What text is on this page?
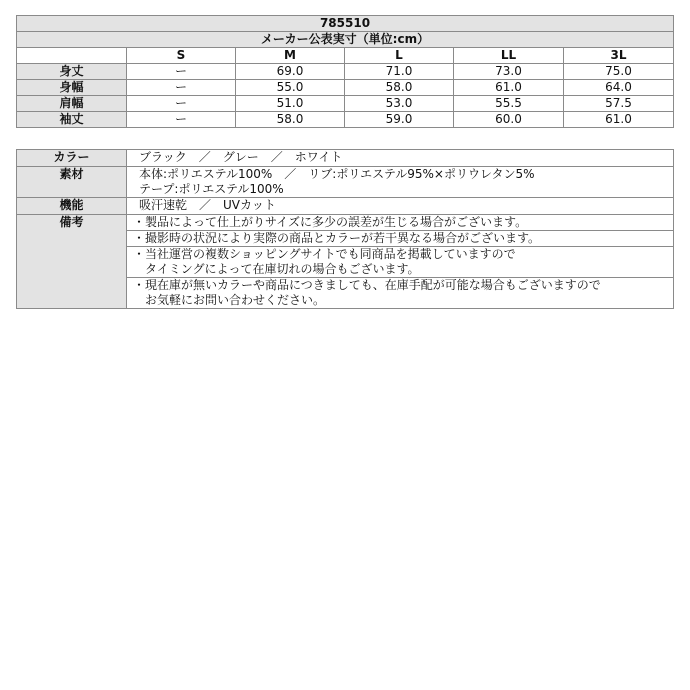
785510					
メーカー公表実寸（単位:cm）					
	S	M	L	LL	3L
身丈	ー	69.0	71.0	73.0	75.0
身幅	ー	55.0	58.0	61.0	64.0
肩幅	ー	51.0	53.0	55.5	57.5
袖丈	ー	58.0	59.0	60.0	61.0
カラー	ブラック　／　グレー　／　ホワイト
素材	本体:ポリエステル100%　／　リブ:ポリエステル95%×ポリウレタン5%
テープ:ポリエステル100%

機能	吸汗速乾　／　UVカット
備考	・製品によって仕上がりサイズに多少の誤差が生じる場合がございます。

	・撮影時の状況により実際の商品とカラーが若干異なる場合がございます。

	・当社運営の複数ショッピングサイトでも同商品を掲載していますので
　タイミングによって在庫切れの場合もございます。

	・現在庫が無いカラーや商品につきましても、在庫手配が可能な場合もございますので
　お気軽にお問い合わせください。
